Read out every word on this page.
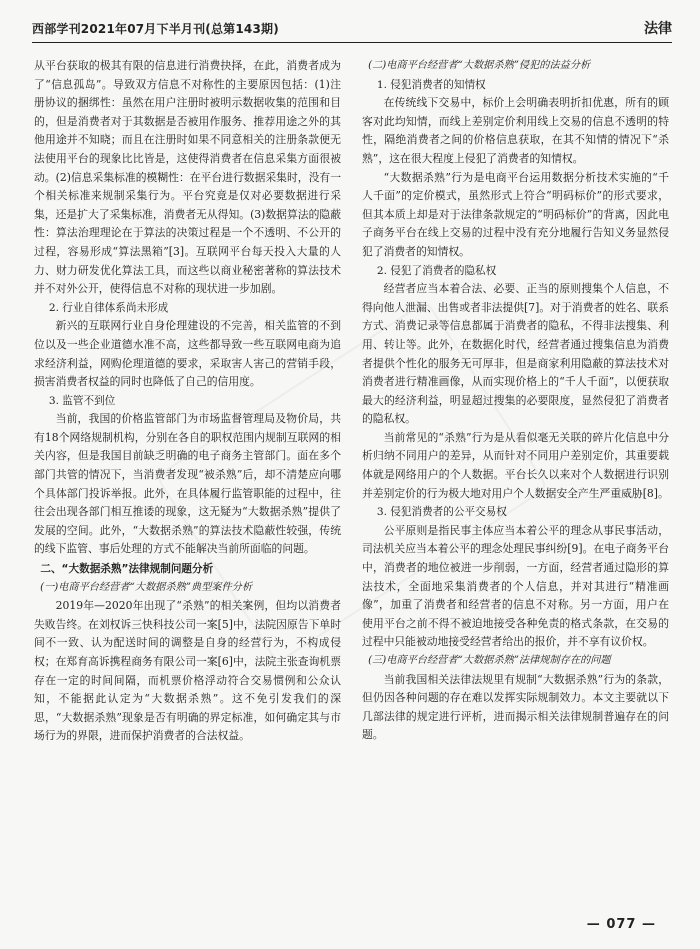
西部学刊2021年07月下半月刊(总第143期)	法律

从平台获取的极其有限的信息进行消费抉择，在此，消费者成为了“信息孤岛”。导致双方信息不对称性的主要原因包括：(1)注册协议的捆绑性：虽然在用户注册时被明示数据收集的范围和目的，但是消费者对于其数据是否被用作服务、推荐用途之外的其他用途并不知晓；而且在注册时如果不同意相关的注册条款便无法使用平台的现象比比皆是，这使得消费者在信息采集方面很被动。(2)信息采集标准的模糊性：在平台进行数据采集时，没有一个相关标准来规制采集行为。平台究竟是仅对必要数据进行采集，还是扩大了采集标准，消费者无从得知。(3)数据算法的隐蔽性：算法治理理论在于算法的决策过程是一个不透明、不公开的过程，容易形成“算法黑箱”[3]。互联网平台每天投入大量的人力、财力研发优化算法工具，而这些以商业秘密著称的算法技术并不对外公开，使得信息不对称的现状进一步加剧。

2. 行业自律体系尚未形成

新兴的互联网行业自身伦理建设的不完善，相关监管的不到位以及一些企业道德水准不高，这些都导致一些互联网电商为追求经济利益，网购伦理道德的要求，采取害人害己的营销手段，损害消费者权益的同时也降低了自己的信用度。

3. 监管不到位

当前，我国的价格监管部门为市场监督管理局及物价局，共有18个网络规制机构，分别在各自的职权范围内规制互联网的相关内容，但是我国目前缺乏明确的电子商务主管部门。面在多个部门共管的情况下，当消费者发现“被杀熟”后，却不清楚应向哪个具体部门投诉举报。此外，在具体履行监管职能的过程中，往往会出现各部门相互推诿的现象，这无疑为“大数据杀熟”提供了发展的空间。此外，“大数据杀熟”的算法技术隐蔽性较强，传统的线下监管、事后处理的方式不能解决当前所面临的问题。

二、“大数据杀熟”法律规制问题分析
(一)电商平台经营者“大数据杀熟”典型案件分析

2019年—2020年出现了“杀熟”的相关案例，但均以消费者失败告终。在刘权诉三快科技公司一案[5]中，法院因原告下单时间不一致、认为配送时间的调整是自身的经营行为，不构成侵权；在郑育高诉携程商务有限公司一案[6]中，法院主张查询机票存在一定的时间间隔，而机票价格浮动符合交易惯例和公众认知，不能据此认定为“大数据杀熟”。这不免引发我们的深思，“大数据杀熟”现象是否有明确的界定标准，如何确定其与市场行为的界限，进而保护消费者的合法权益。

(二)电商平台经营者“大数据杀熟”侵犯的法益分析
1. 侵犯消费者的知情权

在传统线下交易中，标价上会明确表明折扣优惠，所有的顾客对此均知情，而线上差别定价利用线上交易的信息不透明的特性，隔绝消费者之间的价格信息获取，在其不知情的情况下“杀熟”，这在很大程度上侵犯了消费者的知情权。

“大数据杀熟”行为是电商平台运用数据分析技术实施的“千人千面”的定价模式，虽然形式上符合“明码标价”的形式要求，但其本质上却是对于法律条款规定的“明码标价”的背离，因此电子商务平台在线上交易的过程中没有充分地履行告知义务显然侵犯了消费者的知情权。

2. 侵犯了消费者的隐私权

经营者应当本着合法、必要、正当的原则搜集个人信息，不得向他人泄漏、出售或者非法提供[7]。对于消费者的姓名、联系方式、消费记录等信息都属于消费者的隐私，不得非法搜集、利用、转让等。此外，在数据化时代，经营者通过搜集信息为消费者提供个性化的服务无可厚非，但是商家利用隐蔽的算法技术对消费者进行精准画像，从而实现价格上的“千人千面”，以便获取最大的经济利益，明显超过搜集的必要限度，显然侵犯了消费者的隐私权。

当前常见的“杀熟”行为是从看似毫无关联的碎片化信息中分析归纳不同用户的差异，从而针对不同用户差别定价，其重要载体就是网络用户的个人数据。平台长久以来对个人数据进行识别并差别定价的行为极大地对用户个人数据安全产生严重威胁[8]。

3. 侵犯消费者的公平交易权

公平原则是指民事主体应当本着公平的理念从事民事活动，司法机关应当本着公平的理念处理民事纠纷[9]。在电子商务平台中，消费者的地位被进一步削弱，一方面，经营者通过隐形的算法技术，全面地采集消费者的个人信息，并对其进行“精准画像”，加重了消费者和经营者的信息不对称。另一方面，用户在使用平台之前不得不被迫地接受各种免责的格式条款，在交易的过程中只能被动地接受经营者给出的报价，并不享有议价权。

(三)电商平台经营者“大数据杀熟”法律规制存在的问题

当前我国相关法律法规里有规制“大数据杀熟”行为的条款，但仍因各种问题的存在难以发挥实际规制效力。本文主要就以下几部法律的规定进行评析，进而揭示相关法律规制普遍存在的问题。

— 077 —
